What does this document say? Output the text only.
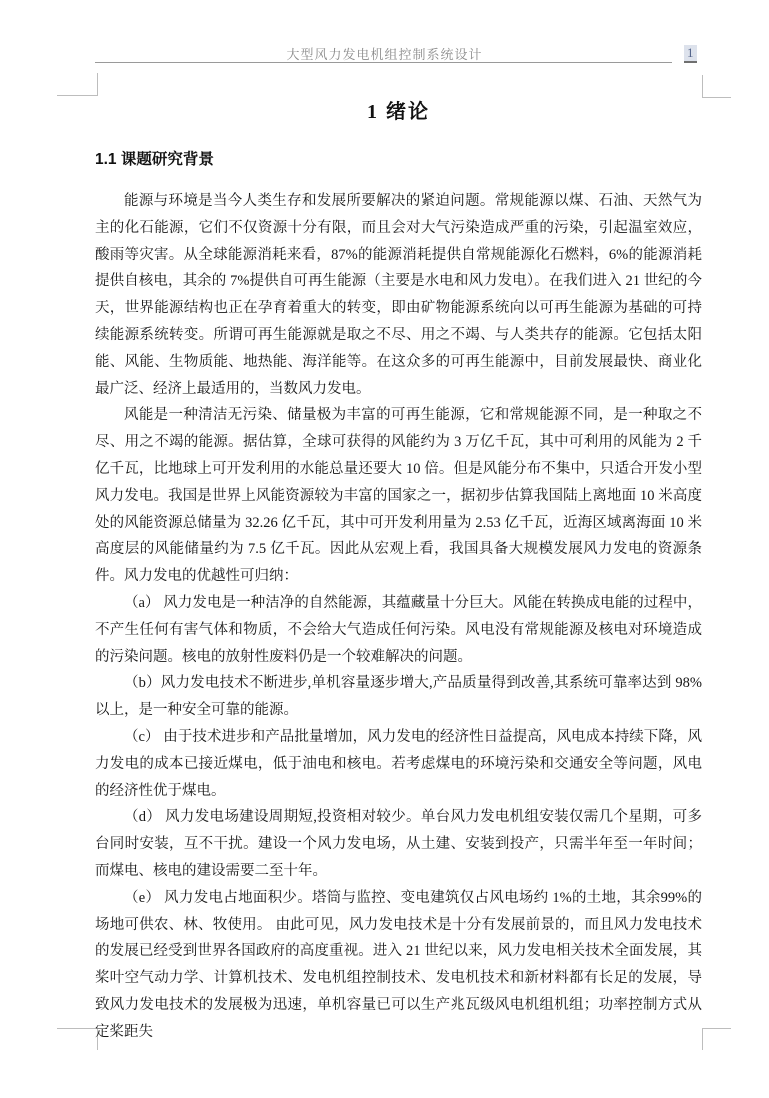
大型风力发电机组控制系统设计	1
1 绪论
1.1 课题研究背景

能源与环境是当今人类生存和发展所要解决的紧迫问题。常规能源以煤、石油、天然气为主的化石能源，它们不仅资源十分有限，而且会对大气污染造成严重的污染，引起温室效应，酸雨等灾害。从全球能源消耗来看，87%的能源消耗提供自常规能源化石燃料，6%的能源消耗提供自核电，其余的 7%提供自可再生能源（主要是水电和风力发电）。在我们进入 21 世纪的今天，世界能源结构也正在孕育着重大的转变，即由矿物能源系统向以可再生能源为基础的可持续能源系统转变。所谓可再生能源就是取之不尽、用之不竭、与人类共存的能源。它包括太阳能、风能、生物质能、地热能、海洋能等。在这众多的可再生能源中，目前发展最快、商业化最广泛、经济上最适用的，当数风力发电。

风能是一种清洁无污染、储量极为丰富的可再生能源，它和常规能源不同，是一种取之不尽、用之不竭的能源。据估算，全球可获得的风能约为 3 万亿千瓦，其中可利用的风能为 2 千亿千瓦，比地球上可开发利用的水能总量还要大 10 倍。但是风能分布不集中，只适合开发小型风力发电。我国是世界上风能资源较为丰富的国家之一，据初步估算我国陆上离地面 10 米高度处的风能资源总储量为 32.26 亿千瓦，其中可开发利用量为 2.53 亿千瓦，近海区域离海面 10 米高度层的风能储量约为 7.5 亿千瓦。因此从宏观上看，我国具备大规模发展风力发电的资源条件。风力发电的优越性可归纳：

（a） 风力发电是一种洁净的自然能源，其蕴藏量十分巨大。风能在转换成电能的过程中，不产生任何有害气体和物质，不会给大气造成任何污染。风电没有常规能源及核电对环境造成的污染问题。核电的放射性废料仍是一个较难解决的问题。

（b）风力发电技术不断进步,单机容量逐步增大,产品质量得到改善,其系统可靠率达到 98%以上，是一种安全可靠的能源。

（c） 由于技术进步和产品批量增加，风力发电的经济性日益提高，风电成本持续下降，风力发电的成本已接近煤电，低于油电和核电。若考虑煤电的环境污染和交通安全等问题，风电的经济性优于煤电。

（d） 风力发电场建设周期短,投资相对较少。单台风力发电机组安装仅需几个星期，可多台同时安装，互不干扰。建设一个风力发电场，从土建、安装到投产，只需半年至一年时间；而煤电、核电的建设需要二至十年。

（e） 风力发电占地面积少。塔筒与监控、变电建筑仅占风电场约 1%的土地，其余99%的场地可供农、林、牧使用。 由此可见，风力发电技术是十分有发展前景的，而且风力发电技术的发展已经受到世界各国政府的高度重视。进入 21 世纪以来，风力发电相关技术全面发展，其桨叶空气动力学、计算机技术、发电机组控制技术、发电机技术和新材料都有长足的发展，导致风力发电技术的发展极为迅速，单机容量已可以生产兆瓦级风电机组机组；功率控制方式从定桨距失
